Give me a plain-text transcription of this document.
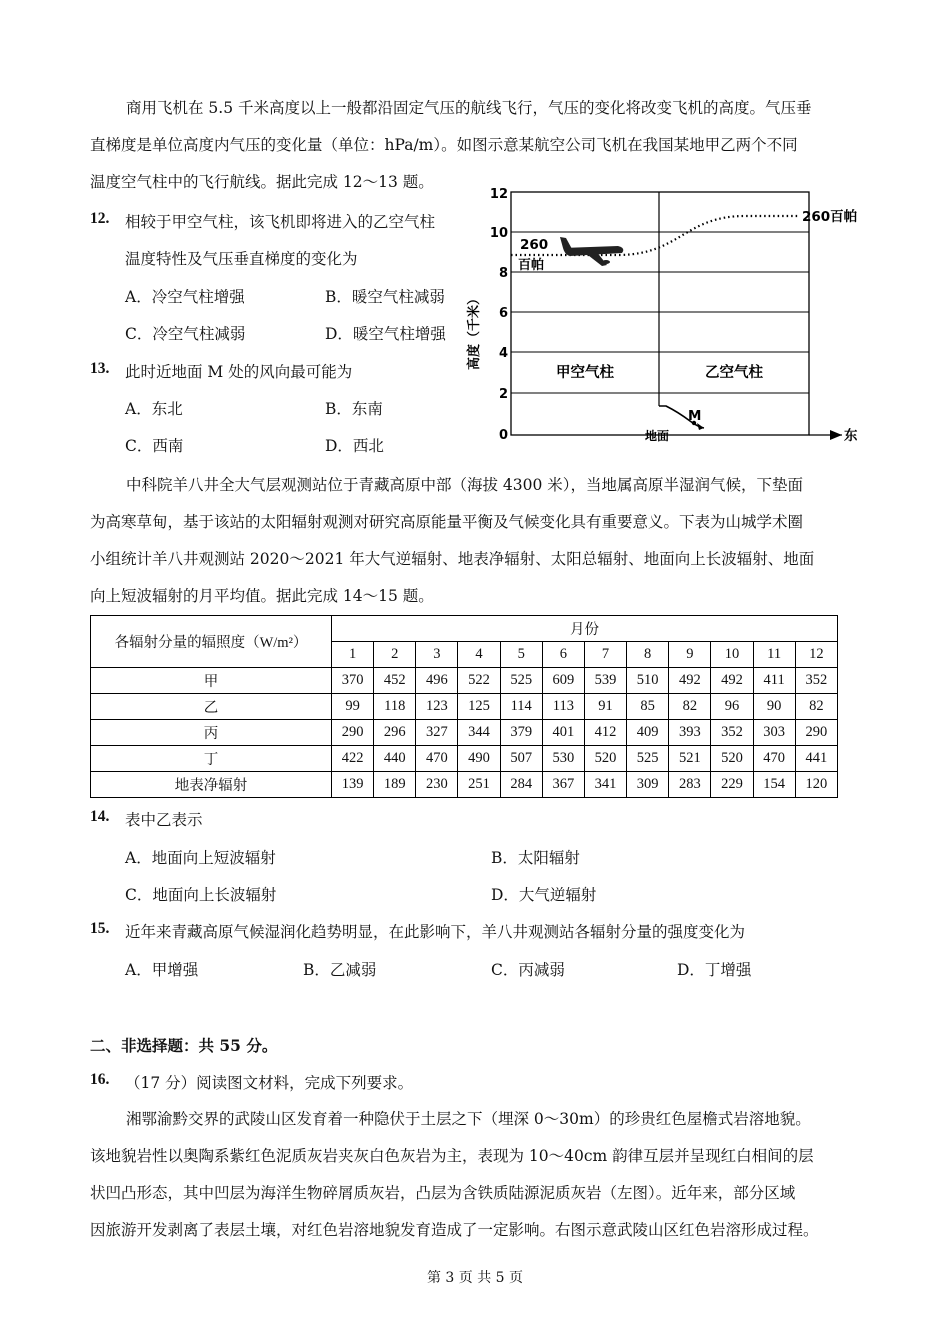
商用飞机在 5.5 千米高度以上一般都沿固定气压的航线飞行，气压的变化将改变飞机的高度。气压垂
直梯度是单位高度内气压的变化量（单位：hPa/m）。如图示意某航空公司飞机在我国某地甲乙两个不同
温度空气柱中的飞行航线。据此完成 12～13 题。
12. 相较于甲空气柱，该飞机即将进入的乙空气柱
温度特性及气压垂直梯度的变化为
A．冷空气柱增强	B．暖空气柱减弱
C．冷空气柱减弱	D．暖空气柱增强
13. 此时近地面 M 处的风向最可能为
A．东北	B．东南
C．西南	D．西北
0
2
4
6
8
10
12
高度（千米）
甲空气柱	乙空气柱
260
百帕
260百帕
M
地面	东
中科院羊八井全大气层观测站位于青藏高原中部（海拔 4300 米），当地属高原半湿润气候，下垫面
为高寒草甸，基于该站的太阳辐射观测对研究高原能量平衡及气候变化具有重要意义。下表为山城学术圈
小组统计羊八井观测站 2020～2021 年大气逆辐射、地表净辐射、太阳总辐射、地面向上长波辐射、地面
向上短波辐射的月平均值。据此完成 14～15 题。
各辐射分量的辐照度（W/m²）	月份											
	1	2	3	4	5	6	7	8	9	10	11	12
甲	370	452	496	522	525	609	539	510	492	492	411	352
乙	99	118	123	125	114	113	91	85	82	96	90	82
丙	290	296	327	344	379	401	412	409	393	352	303	290
丁	422	440	470	490	507	530	520	525	521	520	470	441
地表净辐射	139	189	230	251	284	367	341	309	283	229	154	120
14. 表中乙表示
A．地面向上短波辐射	B．太阳辐射
C．地面向上长波辐射	D．大气逆辐射
15. 近年来青藏高原气候湿润化趋势明显，在此影响下，羊八井观测站各辐射分量的强度变化为
A．甲增强	B．乙减弱	C．丙减弱	D．丁增强
二、非选择题：共 55 分。
16. （17 分）阅读图文材料，完成下列要求。
湘鄂渝黔交界的武陵山区发育着一种隐伏于土层之下（埋深 0～30m）的珍贵红色屋檐式岩溶地貌。
该地貌岩性以奥陶系紫红色泥质灰岩夹灰白色灰岩为主，表现为 10～40cm 韵律互层并呈现红白相间的层
状凹凸形态，其中凹层为海洋生物碎屑质灰岩，凸层为含铁质陆源泥质灰岩（左图）。近年来，部分区域
因旅游开发剥离了表层土壤，对红色岩溶地貌发育造成了一定影响。右图示意武陵山区红色岩溶形成过程。
第 3 页 共 5 页
